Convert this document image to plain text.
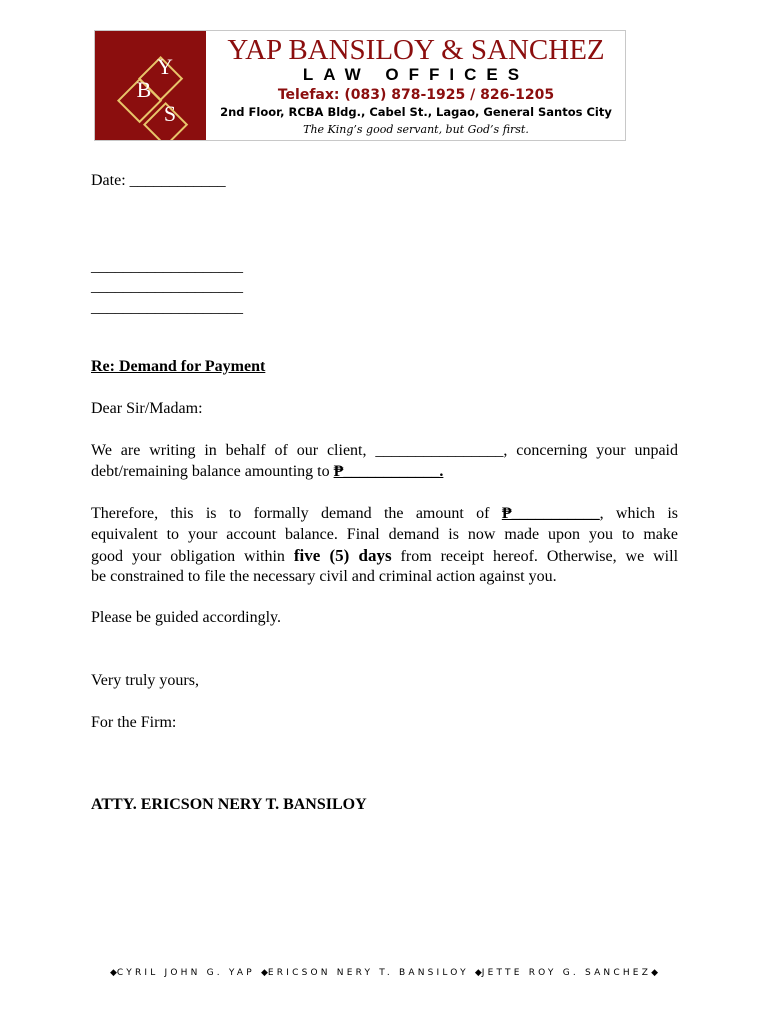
Y
B
S
YAP BANSILOY & SANCHEZ
LAW OFFICES
Telefax: (083) 878-1925 / 826-1205
2nd Floor, RCBA Bldg., Cabel St., Lagao, General Santos City
The King’s good servant, but God’s first.
Date: ____________
___________________
___________________
___________________
Re: Demand for Payment
Dear Sir/Madam:
We are writing in behalf of our client, ________________, concerning your unpaid
debt/remaining balance amounting to ₱____________.
Therefore, this is to formally demand the amount of ₱___________, which is
equivalent to your account balance. Final demand is now made upon you to make
good your obligation within five (5) days from receipt hereof. Otherwise, we will
be constrained to file the necessary civil and criminal action against you.
Please be guided accordingly.
Very truly yours,
For the Firm:
ATTY. ERICSON NERY T. BANSILOY
◆CYRIL JOHN G. YAP ◆ERICSON NERY T. BANSILOY ◆JETTE ROY G. SANCHEZ◆
